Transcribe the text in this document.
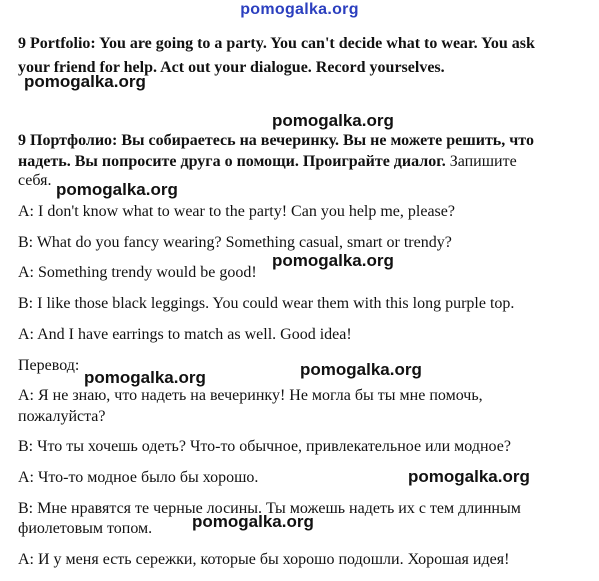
pomogalka.org
9 Portfolio: You are going to a party. You can't decide what to wear. You ask
your friend for help. Act out your dialogue. Record yourselves.
pomogalka.org
pomogalka.org
9 Портфолио: Вы собираетесь на вечеринку. Вы не можете решить, что
надеть. Вы попросите друга о помощи. Проиграйте диалог. Запишите
себя. pomogalka.org
A: I don't know what to wear to the party! Can you help me, please?
B: What do you fancy wearing? Something casual, smart or trendy?
pomogalka.org
A: Something trendy would be good!
B: I like those black leggings. You could wear them with this long purple top.
A: And I have earrings to match as well. Good idea!
Перевод:	pomogalka.org
pomogalka.org
А: Я не знаю, что надеть на вечеринку! Не могла бы ты мне помочь,
пожалуйста?
В: Что ты хочешь одеть? Что-то обычное, привлекательное или модное?
А: Что-то модное было бы хорошо.	pomogalka.org
В: Мне нравятся те черные лосины. Ты можешь надеть их с тем длинным
pomogalka.org
фиолетовым топом.
А: И у меня есть сережки, которые бы хорошо подошли. Хорошая идея!
